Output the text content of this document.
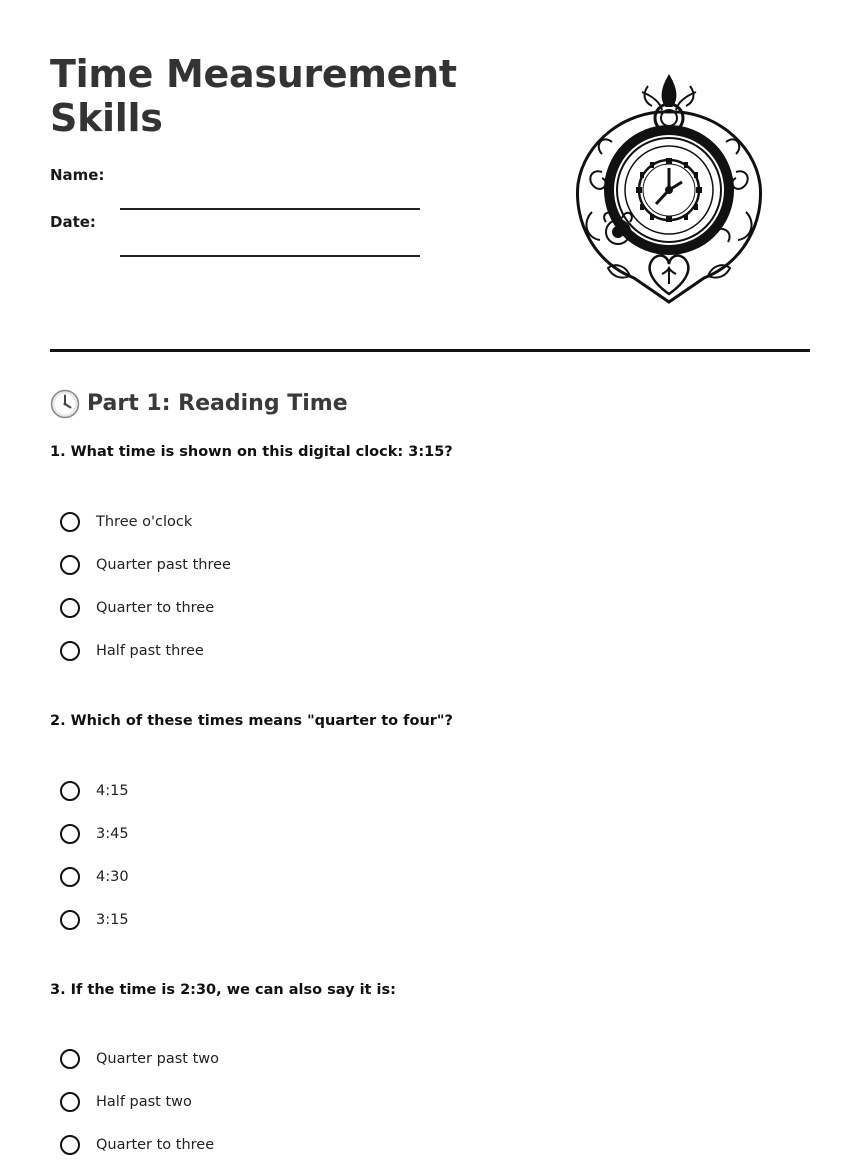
Time Measurement
Skills
Name:
Date:
Part 1: Reading Time

1. What time is shown on this digital clock: 3:15?

Three o'clock
Quarter past three
Quarter to three
Half past three

2. Which of these times means "quarter to four"?

4:15
3:45
4:30
3:15

3. If the time is 2:30, we can also say it is:

Quarter past two
Half past two
Quarter to three
